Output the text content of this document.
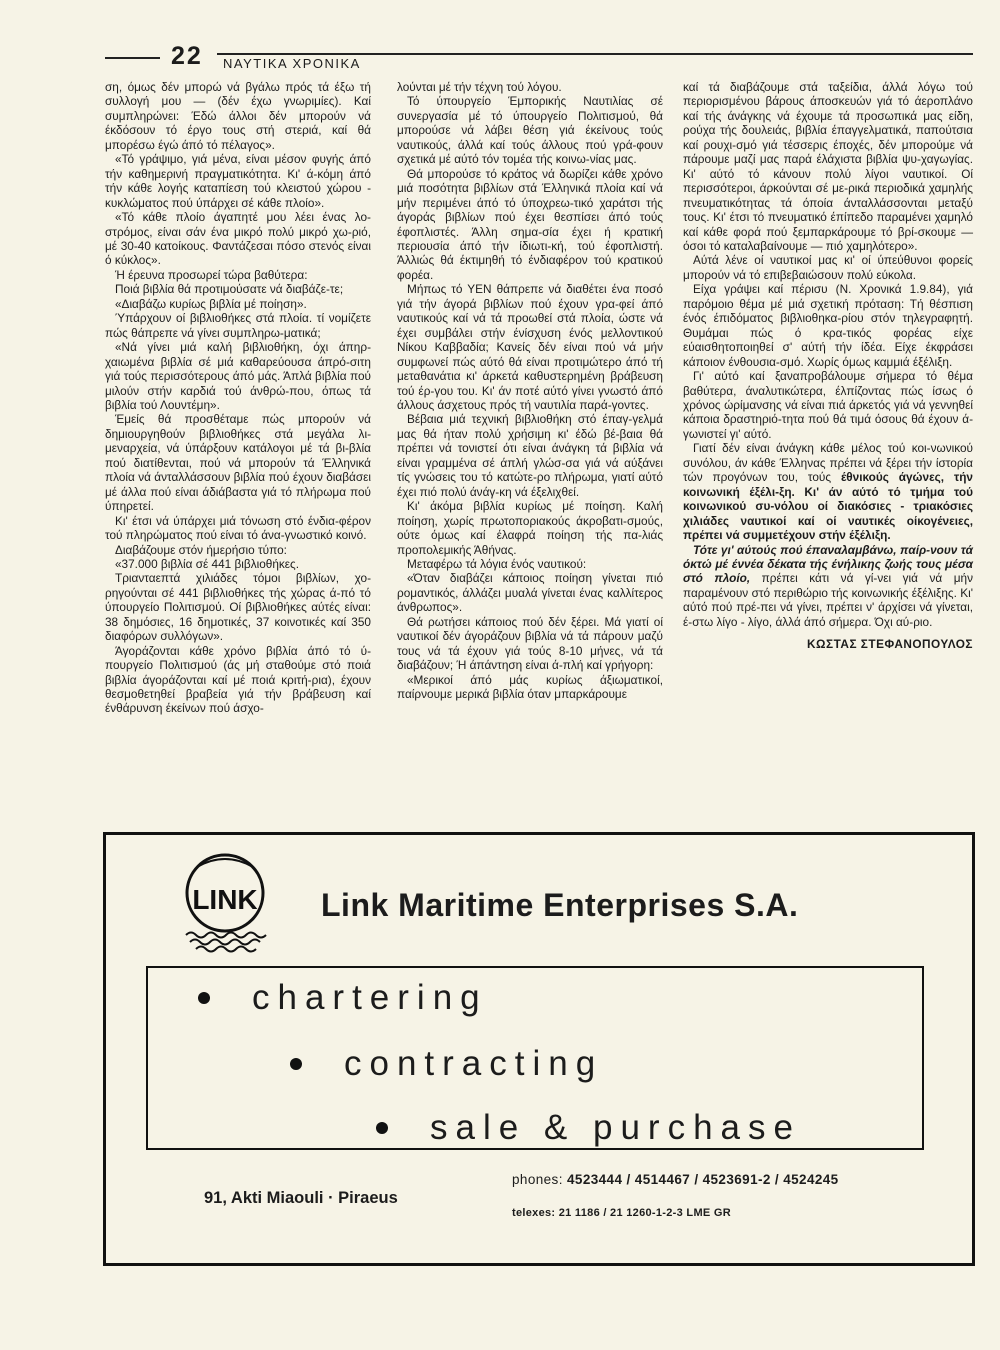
22 ΝΑΥΤΙΚΑ ΧΡΟΝΙΚΑ

ση, όμως δέν μπορώ νά βγάλω πρός τά έξω τή συλλογή μου — (δέν έχω γνωριμίες). Καί συμπληρώνει: Έδώ άλλοι δέν μπορούν νά έκδόσουν τό έργο τους στή στεριά, καί θά μπορέσω έγώ άπό τό πέλαγος».

«Τό γράψιμο, γιά μένα, είναι μέσον φυγής άπό τήν καθημερινή πραγματικότητα. Κι' ά-κόμη άπό τήν κάθε λογής καταπίεση τού κλειστού χώρου - κυκλώματος πού ύπάρχει σέ κάθε πλοίο».

«Τό κάθε πλοίο άγαπητέ μου λέει ένας λο-στρόμος, είναι σάν ένα μικρό πολύ μικρό χω-ριό, μέ 30-40 κατοίκους. Φαντάζεσαι πόσο στενός είναι ό κύκλος».

Ή έρευνα προσωρεί τώρα βαθύτερα:

Ποιά βιβλία θά προτιμούσατε νά διαβάζε-τε;

«Διαβάζω κυρίως βιβλία μέ ποίηση».

Ύπάρχουν οί βιβλιοθήκες στά πλοία. τί νομίζετε πώς θάπρεπε νά γίνει συμπληρω-ματικά;

«Νά γίνει μιά καλή βιβλιοθήκη, όχι άπηρ-χαιωμένα βιβλία σέ μιά καθαρεύουσα άπρό-σιτη γιά τούς περισσότερους άπό μάς. Άπλά βιβλία πού μιλούν στήν καρδιά τού άνθρώ-που, όπως τά βιβλία τού Λουντέμη».

Έμείς θά προσθέταμε πώς μπορούν νά δημιουργηθούν βιβλιοθήκες στά μεγάλα λι-μεναρχεία, νά ύπάρξουν κατάλογοι μέ τά βι-βλία πού διατίθενται, πού νά μπορούν τά Έλληνικά πλοία νά άνταλλάσσουν βιβλία πού έχουν διαβάσει μέ άλλα πού είναι άδιάβαστα γιά τό πλήρωμα πού ύπηρετεί.

Κι' έτσι νά ύπάρχει μιά τόνωση στό ένδια-φέρον τού πληρώματος πού είναι τό άνα-γνωστικό κοινό.

Διαβάζουμε στόν ήμερήσιο τύπο:

«37.000 βιβλία σέ 441 βιβλιοθήκες.

Τριανταεπτά χιλιάδες τόμοι βιβλίων, χο-ρηγούνται σέ 441 βιβλιοθήκες τής χώρας ά-πό τό ύπουργείο Πολιτισμού. Οί βιβλιοθήκες αύτές είναι: 38 δημόσιες, 16 δημοτικές, 37 κοινοτικές καί 350 διαφόρων συλλόγων».

Άγοράζονται κάθε χρόνο βιβλία άπό τό ύ-πουργείο Πολιτισμού (άς μή σταθούμε στό ποιά βιβλία άγοράζονται καί μέ ποιά κριτή-ρια), έχουν θεσμοθετηθεί βραβεία γιά τήν βράβευση καί ένθάρυνση έκείνων πού άσχο-

λούνται μέ τήν τέχνη τού λόγου.

Τό ύπουργείο Έμπορικής Ναυτιλίας σέ συνεργασία μέ τό ύπουργείο Πολιτισμού, θά μπορούσε νά λάβει θέση γιά έκείνους τούς ναυτικούς, άλλά καί τούς άλλους πού γρά-φουν σχετικά μέ αύτό τόν τομέα τής κοινω-νίας μας.

Θά μπορούσε τό κράτος νά δωρίζει κάθε χρόνο μιά ποσότητα βιβλίων στά Έλληνικά πλοία καί νά μήν περιμένει άπό τό ύποχρεω-τικό χαράτσι τής άγοράς βιβλίων πού έχει θεσπίσει άπό τούς έφοπλιστές. Άλλη σημα-σία έχει ή κρατική περιουσία άπό τήν ίδιωτι-κή, τού έφοπλιστή. Άλλιώς θά έκτιμηθή τό ένδιαφέρον τού κρατικού φορέα.

Μήπως τό ΥΕΝ θάπρεπε νά διαθέτει ένα ποσό γιά τήν άγορά βιβλίων πού έχουν γρα-φεί άπό ναυτικούς καί νά τά προωθεί στά πλοία, ώστε νά έχει συμβάλει στήν ένίσχυση ένός μελλοντικού Νίκου Καββαδία; Κανείς δέν είναι πού νά μήν συμφωνεί πώς αύτό θά είναι προτιμώτερο άπό τή μεταθανάτια κι' άρκετά καθυστερημένη βράβευση τού έρ-γου του. Κι' άν ποτέ αύτό γίνει γνωστό άπό άλλους άσχετους πρός τή ναυτιλία παρά-γοντες.

Βέβαια μιά τεχνική βιβλιοθήκη στό έπαγ-γελμά μας θά ήταν πολύ χρήσιμη κι' έδώ βέ-βαια θά πρέπει νά τονιστεί ότι είναι άνάγκη τά βιβλία νά είναι γραμμένα σέ άπλή γλώσ-σα γιά νά αύξάνει τίς γνώσεις του τό κατώτε-ρο πλήρωμα, γιατί αύτό έχει πιό πολύ άνάγ-κη νά έξελιχθεί.

Κι' άκόμα βιβλία κυρίως μέ ποίηση. Καλή ποίηση, χωρίς πρωτοποριακούς άκροβατι-σμούς, ούτε όμως καί έλαφρά ποίηση τής πα-λιάς προπολεμικής Άθήνας.

Μεταφέρω τά λόγια ένός ναυτικού:

«Όταν διαβάζει κάποιος ποίηση γίνεται πιό ρομαντικός, άλλάζει μυαλά γίνεται ένας καλλίτερος άνθρωπος».

Θά ρωτήσει κάποιος πού δέν ξέρει. Μά γιατί οί ναυτικοί δέν άγοράζουν βιβλία νά τά πάρουν μαζύ τους νά τά έχουν γιά τούς 8-10 μήνες, νά τά διαβάζουν; Ή άπάντηση είναι ά-πλή καί γρήγορη:

«Μερικοί άπό μάς κυρίως άξιωματικοί, παίρνουμε μερικά βιβλία όταν μπαρκάρουμε

καί τά διαβάζουμε στά ταξείδια, άλλά λόγω τού περιορισμένου βάρους άποσκευών γιά τό άεροπλάνο καί τής άνάγκης νά έχουμε τά προσωπικά μας είδη, ρούχα τής δουλειάς, βιβλία έπαγγελματικά, παπούτσια καί ρουχι-σμό γιά τέσσερις έποχές, δέν μπορούμε νά πάρουμε μαζί μας παρά έλάχιστα βιβλία ψυ-χαγωγίας. Κι' αύτό τό κάνουν πολύ λίγοι ναυτικοί. Οί περισσότεροι, άρκούνται σέ με-ρικά περιοδικά χαμηλής πνευματικότητας τά όποία άνταλλάσσονται μεταξύ τους. Κι' έτσι τό πνευματικό έπίπεδο παραμένει χαμηλό καί κάθε φορά πού ξεμπαρκάρουμε τό βρί-σκουμε — όσοι τό καταλαβαίνουμε — πιό χαμηλότερο».

Αύτά λένε οί ναυτικοί μας κι' οί ύπεύθυνοι φορείς μπορούν νά τό επιβεβαιώσουν πολύ εύκολα.

Είχα γράψει καί πέρισυ (Ν. Χρονικά 1.9.84), γιά παρόμοιο θέμα μέ μιά σχετική πρόταση: Τή θέσπιση ένός έπιδόματος βιβλιοθηκα-ρίου στόν τηλεγραφητή. Θυμάμαι πώς ό κρα-τικός φορέας είχε εύαισθητοποιηθεί σ' αύτή τήν ίδέα. Είχε έκφράσει κάποιον ένθουσια-σμό. Χωρίς όμως καμμιά έξέλιξη.

Γι' αύτό καί ξαναπροβάλουμε σήμερα τό θέμα βαθύτερα, άναλυτικώτερα, έλπίζοντας πώς ίσως ό χρόνος ώρίμανσης νά είναι πιά άρκετός γιά νά γεννηθεί κάποια δραστηριό-τητα πού θά τιμά όσους θά έχουν ά-γωνιστεί γι' αύτό.

Γιατί δέν είναι άνάγκη κάθε μέλος τού κοι-νωνικού συνόλου, άν κάθε Έλληνας πρέπει νά ξέρει τήν ίστορία τών προγόνων του, τούς έθνικούς άγώνες, τήν κοινωνική έξέλι-ξη. Κι' άν αύτό τό τμήμα τού κοινωνικού συ-νόλου οί διακόσιες - τριακόσιες χιλιάδες ναυτικοί καί οί ναυτικές οίκογένειες, πρέπει νά συμμετέχουν στήν έξέλιξη.

Τότε γι' αύτούς πού έπαναλαμβάνω, παίρ-νουν τά όκτώ μέ έννέα δέκατα τής ένήλικης ζωής τους μέσα στό πλοίο, πρέπει κάτι νά γί-νει γιά νά μήν παραμένουν στό περιθώριο τής κοινωνικής έξέλιξης. Κι' αύτό πού πρέ-πει νά γίνει, πρέπει ν' άρχίσει νά γίνεται, έ-στω λίγο - λίγο, άλλά άπό σήμερα. Όχι αύ-ριο.

ΚΩΣΤΑΣ ΣΤΕΦΑΝΟΠΟΥΛΟΣ

LINK Link Maritime Enterprises S.A.
chartering
contracting
sale & purchase
91, Akti Miaouli · Piraeus
phones: 4523444 / 4514467 / 4523691-2 / 4524245
telexes: 21 1186 / 21 1260-1-2-3 LME GR
